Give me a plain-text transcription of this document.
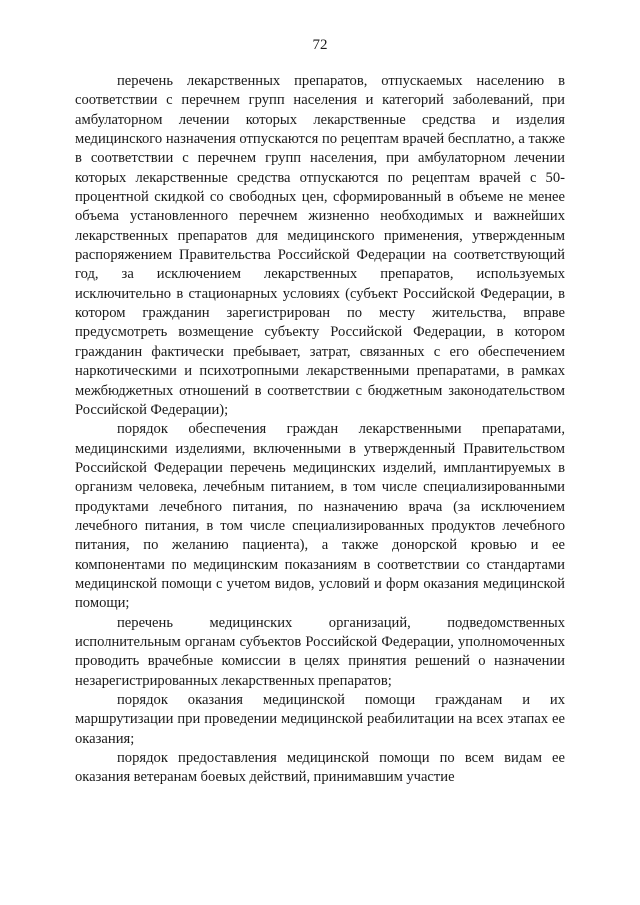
72

перечень лекарственных препаратов, отпускаемых населению в соответствии с перечнем групп населения и категорий заболеваний, при амбулаторном лечении которых лекарственные средства и изделия медицинского назначения отпускаются по рецептам врачей бесплатно, а также в соответствии с перечнем групп населения, при амбулаторном лечении которых лекарственные средства отпускаются по рецептам врачей с 50-процентной скидкой со свободных цен, сформированный в объеме не менее объема установленного перечнем жизненно необходимых и важнейших лекарственных препаратов для медицинского применения, утвержденным распоряжением Правительства Российской Федерации на соответствующий год, за исключением лекарственных препаратов, используемых исключительно в стационарных условиях (субъект Российской Федерации, в котором гражданин зарегистрирован по месту жительства, вправе предусмотреть возмещение субъекту Российской Федерации, в котором гражданин фактически пребывает, затрат, связанных с его обеспечением наркотическими и психотропными лекарственными препаратами, в рамках межбюджетных отношений в соответствии с бюджетным законодательством Российской Федерации);

порядок обеспечения граждан лекарственными препаратами, медицинскими изделиями, включенными в утвержденный Правительством Российской Федерации перечень медицинских изделий, имплантируемых в организм человека, лечебным питанием, в том числе специализированными продуктами лечебного питания, по назначению врача (за исключением лечебного питания, в том числе специализированных продуктов лечебного питания, по желанию пациента), а также донорской кровью и ее компонентами по медицинским показаниям в соответствии со стандартами медицинской помощи с учетом видов, условий и форм оказания медицинской помощи;

перечень медицинских организаций, подведомственных исполнительным органам субъектов Российской Федерации, уполномоченных проводить врачебные комиссии в целях принятия решений о назначении незарегистрированных лекарственных препаратов;

порядок оказания медицинской помощи гражданам и их маршрутизации при проведении медицинской реабилитации на всех этапах ее оказания;

порядок предоставления медицинской помощи по всем видам ее оказания ветеранам боевых действий, принимавшим участие
